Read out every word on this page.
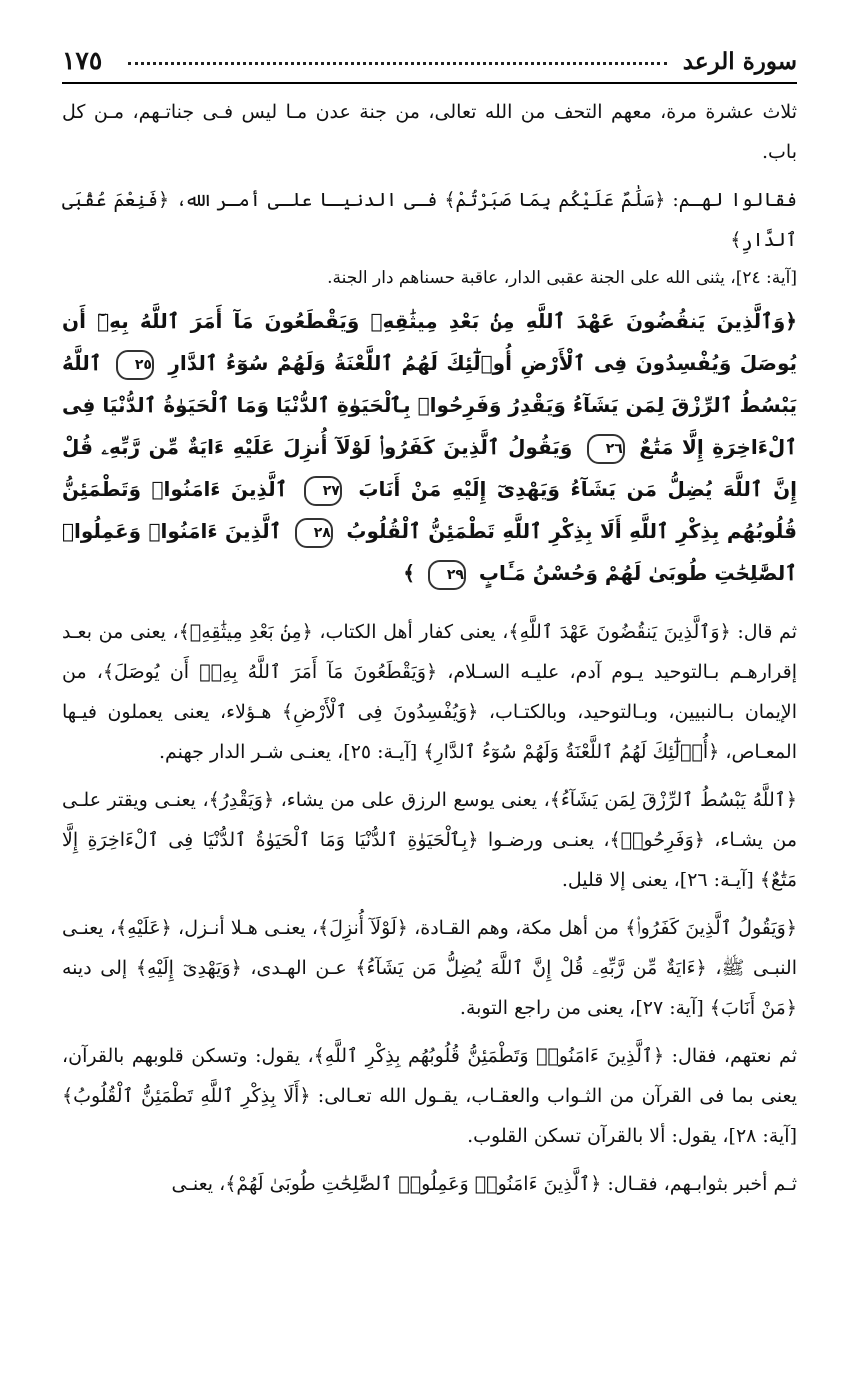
سورة الرعد
١٧٥

ثلاث عشرة مرة، معهم التحف من الله تعالى، من جنة عدن مـا ليس فـى جناتـهم، مـن كل باب.

فقالوا لهـم: ﴿سَلَٰمٌ عَلَيْكُم بِمَا صَبَرْتُمْ﴾ فـى الدنيـا علـى أمـر الله، ﴿فَنِعْمَ عُقْبَى ٱلدَّارِ﴾

[آية: ٢٤]، يثنى الله على الجنة عقبى الدار، عاقبة حسناهم دار الجنة.

﴿وَٱلَّذِينَ يَنقُضُونَ عَهْدَ ٱللَّهِ مِنۢ بَعْدِ مِيثَٰقِهِۦ وَيَقْطَعُونَ مَآ أَمَرَ ٱللَّهُ بِهِۦٓ أَن يُوصَلَ وَيُفْسِدُونَ فِى ٱلْأَرْضِ أُو۟لَٰٓئِكَ لَهُمُ ٱللَّعْنَةُ وَلَهُمْ سُوٓءُ ٱلدَّارِ ٢٥ ٱللَّهُ يَبْسُطُ ٱلرِّزْقَ لِمَن يَشَآءُ وَيَقْدِرُ وَفَرِحُوا۟ بِٱلْحَيَوٰةِ ٱلدُّنْيَا وَمَا ٱلْحَيَوٰةُ ٱلدُّنْيَا فِى ٱلْءَاخِرَةِ إِلَّا مَتَٰعٌ ٢٦ وَيَقُولُ ٱلَّذِينَ كَفَرُوا۟ لَوْلَآ أُنزِلَ عَلَيْهِ ءَايَةٌ مِّن رَّبِّهِۦ قُلْ إِنَّ ٱللَّهَ يُضِلُّ مَن يَشَآءُ وَيَهْدِىٓ إِلَيْهِ مَنْ أَنَابَ ٢٧ ٱلَّذِينَ ءَامَنُوا۟ وَتَطْمَئِنُّ قُلُوبُهُم بِذِكْرِ ٱللَّهِ أَلَا بِذِكْرِ ٱللَّهِ تَطْمَئِنُّ ٱلْقُلُوبُ ٢٨ ٱلَّذِينَ ءَامَنُوا۟ وَعَمِلُوا۟ ٱلصَّٰلِحَٰتِ طُوبَىٰ لَهُمْ وَحُسْنُ مَـَٔابٍ ٢٩ ﴾

ثم قال: ﴿وَٱلَّذِينَ يَنقُضُونَ عَهْدَ ٱللَّهِ﴾، يعنى كفار أهل الكتاب، ﴿مِنۢ بَعْدِ مِيثَٰقِهِۦ﴾، يعنى من بعـد إقرارهـم بـالتوحيد يـوم آدم، عليـه السـلام، ﴿وَيَقْطَعُونَ مَآ أَمَرَ ٱللَّهُ بِهِۦٓ أَن يُوصَلَ﴾، من الإيمان بـالنبيين، وبـالتوحيد، وبالكتـاب، ﴿وَيُفْسِدُونَ فِى ٱلْأَرْضِ﴾ هـؤلاء، يعنى يعملون فيـها المعـاص، ﴿أُو۟لَٰٓئِكَ لَهُمُ ٱللَّعْنَةُ وَلَهُمْ سُوٓءُ ٱلدَّارِ﴾ [آيـة: ٢٥]، يعنـى شـر الدار جهنم.

﴿ٱللَّهُ يَبْسُطُ ٱلرِّزْقَ لِمَن يَشَآءُ﴾، يعنى يوسع الرزق على من يشاء، ﴿وَيَقْدِرُ﴾، يعنـى ويقتر علـى من يشـاء، ﴿وَفَرِحُوا۟﴾، يعنـى ورضـوا ﴿بِٱلْحَيَوٰةِ ٱلدُّنْيَا وَمَا ٱلْحَيَوٰةُ ٱلدُّنْيَا فِى ٱلْءَاخِرَةِ إِلَّا مَتَٰعٌ﴾ [آيـة: ٢٦]، يعنى إلا قليل.

﴿وَيَقُولُ ٱلَّذِينَ كَفَرُوا۟﴾ من أهل مكة، وهم القـادة، ﴿لَوْلَآ أُنزِلَ﴾، يعنـى هـلا أنـزل، ﴿عَلَيْهِ﴾، يعنـى النبـى ﷺ، ﴿ءَايَةٌ مِّن رَّبِّهِۦ قُلْ إِنَّ ٱللَّهَ يُضِلُّ مَن يَشَآءُ﴾ عـن الهـدى، ﴿وَيَهْدِىٓ إِلَيْهِ﴾ إلى دينه ﴿مَنْ أَنَابَ﴾ [آية: ٢٧]، يعنى من راجع التوبة.

ثم نعتهم، فقال: ﴿ٱلَّذِينَ ءَامَنُوا۟ وَتَطْمَئِنُّ قُلُوبُهُم بِذِكْرِ ٱللَّهِ﴾، يقول: وتسكن قلوبهم بالقرآن، يعنى بما فى القرآن من الثـواب والعقـاب، يقـول الله تعـالى: ﴿أَلَا بِذِكْرِ ٱللَّهِ تَطْمَئِنُّ ٱلْقُلُوبُ﴾ [آية: ٢٨]، يقول: ألا بالقرآن تسكن القلوب.

ثـم أخبر بثوابـهم، فقـال: ﴿ٱلَّذِينَ ءَامَنُوا۟ وَعَمِلُوا۟ ٱلصَّٰلِحَٰتِ طُوبَىٰ لَهُمْ﴾، يعنـى
